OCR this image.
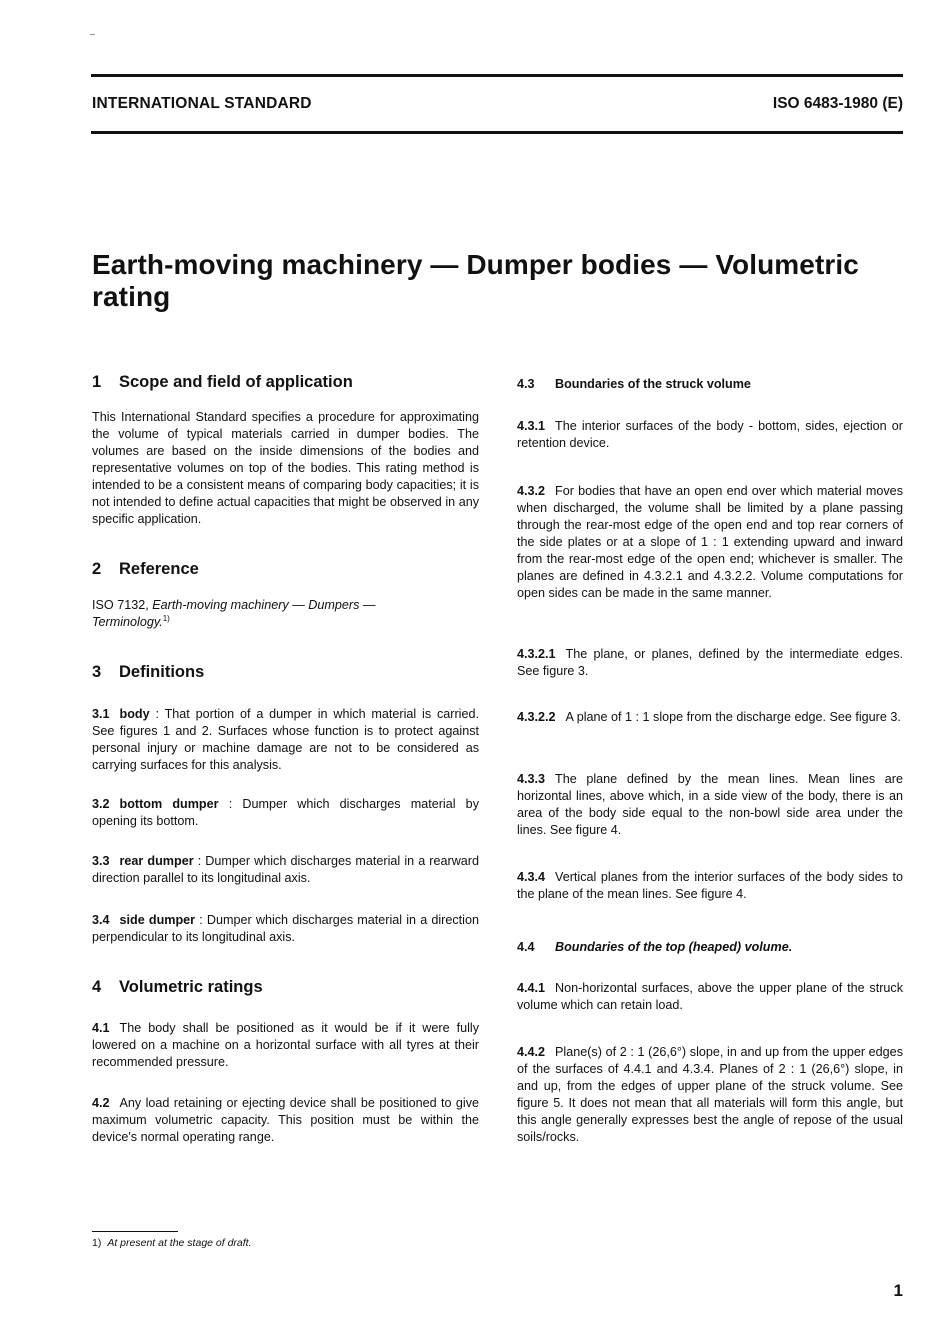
INTERNATIONAL STANDARD	ISO 6483-1980 (E)
Earth-moving machinery — Dumper bodies — Volumetric rating
1 Scope and field of application

This International Standard specifies a procedure for approximating the volume of typical materials carried in dumper bodies. The volumes are based on the inside dimensions of the bodies and representative volumes on top of the bodies. This rating method is intended to be a consistent means of comparing body capacities; it is not intended to define actual capacities that might be observed in any specific application.

2 Reference

ISO 7132, Earth-moving machinery — Dumpers — Terminology.$^{1)}$

3 Definitions

3.1 body : That portion of a dumper in which material is carried. See figures 1 and 2. Surfaces whose function is to protect against personal injury or machine damage are not to be considered as carrying surfaces for this analysis.

3.2 bottom dumper : Dumper which discharges material by opening its bottom.

3.3 rear dumper : Dumper which discharges material in a rearward direction parallel to its longitudinal axis.

3.4 side dumper : Dumper which discharges material in a direction perpendicular to its longitudinal axis.

4 Volumetric ratings

4.1 The body shall be positioned as it would be if it were fully lowered on a machine on a horizontal surface with all tyres at their recommended pressure.

4.2 Any load retaining or ejecting device shall be positioned to give maximum volumetric capacity. This position must be within the device's normal operating range.

4.3 Boundaries of the struck volume

4.3.1 The interior surfaces of the body - bottom, sides, ejection or retention device.

4.3.2 For bodies that have an open end over which material moves when discharged, the volume shall be limited by a plane passing through the rear-most edge of the open end and top rear corners of the side plates or at a slope of 1 : 1 extending upward and inward from the rear-most edge of the open end; whichever is smaller. The planes are defined in 4.3.2.1 and 4.3.2.2. Volume computations for open sides can be made in the same manner.

4.3.2.1 The plane, or planes, defined by the intermediate edges. See figure 3.

4.3.2.2 A plane of 1 : 1 slope from the discharge edge. See figure 3.

4.3.3 The plane defined by the mean lines. Mean lines are horizontal lines, above which, in a side view of the body, there is an area of the body side equal to the non-bowl side area under the lines. See figure 4.

4.3.4 Vertical planes from the interior surfaces of the body sides to the plane of the mean lines. See figure 4.

4.4 Boundaries of the top (heaped) volume.

4.4.1 Non-horizontal surfaces, above the upper plane of the struck volume which can retain load.

4.4.2 Plane(s) of 2 : 1 (26,6°) slope, in and up from the upper edges of the surfaces of 4.4.1 and 4.3.4. Planes of 2 : 1 (26,6°) slope, in and up, from the edges of upper plane of the struck volume. See figure 5. It does not mean that all materials will form this angle, but this angle generally expresses best the angle of repose of the usual soils/rocks.

1) At present at the stage of draft.
1
